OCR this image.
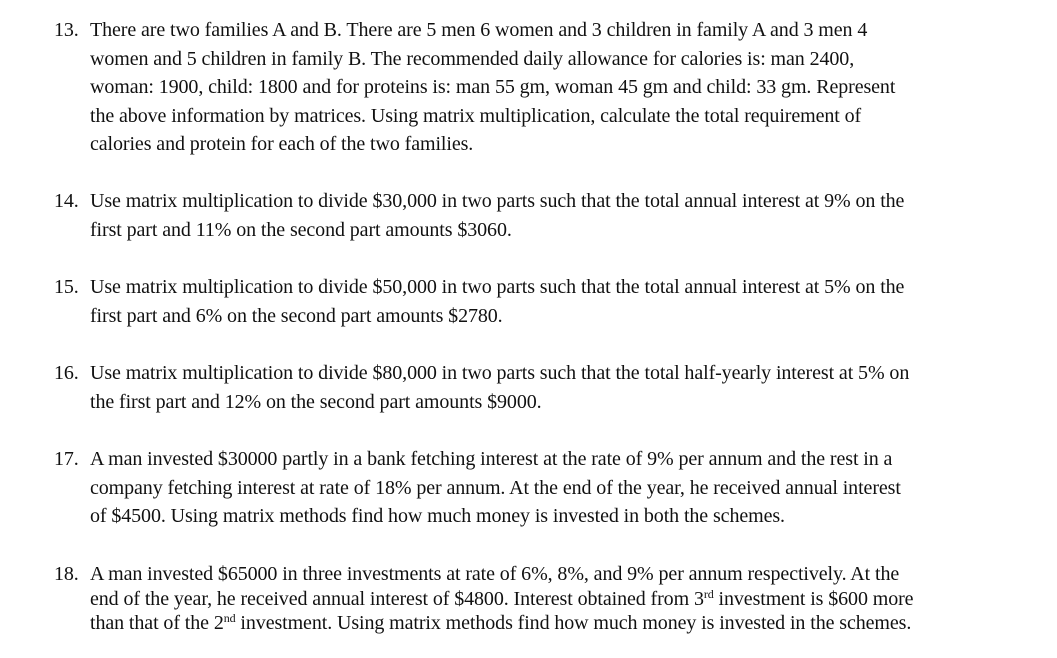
13. There are two families A and B. There are 5 men 6 women and 3 children in family A and 3 men 4
women and 5 children in family B. The recommended daily allowance for calories is: man 2400,
woman: 1900, child: 1800 and for proteins is: man 55 gm, woman 45 gm and child: 33 gm. Represent
the above information by matrices. Using matrix multiplication, calculate the total requirement of
calories and protein for each of the two families.
14. Use matrix multiplication to divide $30,000 in two parts such that the total annual interest at 9% on the
first part and 11% on the second part amounts $3060.
15. Use matrix multiplication to divide $50,000 in two parts such that the total annual interest at 5% on the
first part and 6% on the second part amounts $2780.
16. Use matrix multiplication to divide $80,000 in two parts such that the total half-yearly interest at 5% on
the first part and 12% on the second part amounts $9000.
17. A man invested $30000 partly in a bank fetching interest at the rate of 9% per annum and the rest in a
company fetching interest at rate of 18% per annum. At the end of the year, he received annual interest
of $4500. Using matrix methods find how much money is invested in both the schemes.
18. A man invested $65000 in three investments at rate of 6%, 8%, and 9% per annum respectively. At the
end of the year, he received annual interest of $4800. Interest obtained from 3rd investment is $600 more
than that of the 2nd investment. Using matrix methods find how much money is invested in the schemes.
